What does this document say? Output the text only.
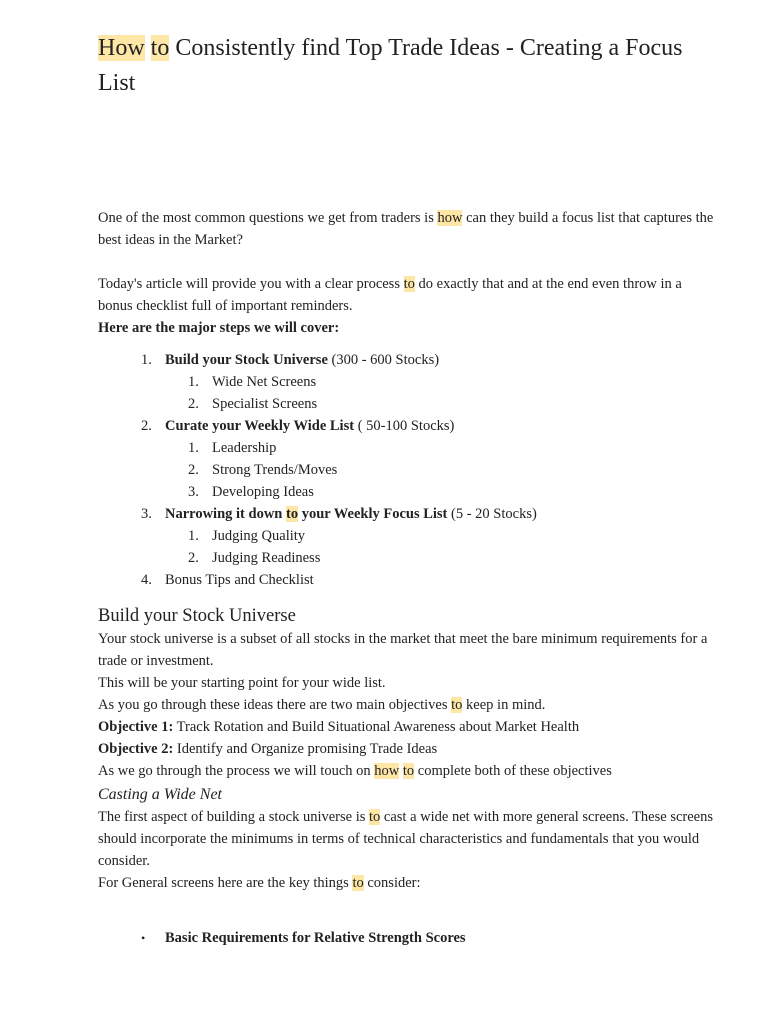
How to Consistently find Top Trade Ideas - Creating a Focus List

One of the most common questions we get from traders is how can they build a focus list that captures the best ideas in the Market?

Today's article will provide you with a clear process to do exactly that and at the end even throw in a bonus checklist full of important reminders.

Here are the major steps we will cover:

1. Build your Stock Universe (300 - 600 Stocks)
1. Wide Net Screens
2. Specialist Screens
2. Curate your Weekly Wide List ( 50-100 Stocks)
1. Leadership
2. Strong Trends/Moves
3. Developing Ideas
3. Narrowing it down to your Weekly Focus List (5 - 20 Stocks)
1. Judging Quality
2. Judging Readiness
4. Bonus Tips and Checklist
Build your Stock Universe

Your stock universe is a subset of all stocks in the market that meet the bare minimum requirements for a trade or investment.

This will be your starting point for your wide list.

As you go through these ideas there are two main objectives to keep in mind.

Objective 1: Track Rotation and Build Situational Awareness about Market Health

Objective 2: Identify and Organize promising Trade Ideas

As we go through the process we will touch on how to complete both of these objectives

Casting a Wide Net

The first aspect of building a stock universe is to cast a wide net with more general screens. These screens should incorporate the minimums in terms of technical characteristics and fundamentals that you would consider.

For General screens here are the key things to consider:

• Basic Requirements for Relative Strength Scores
